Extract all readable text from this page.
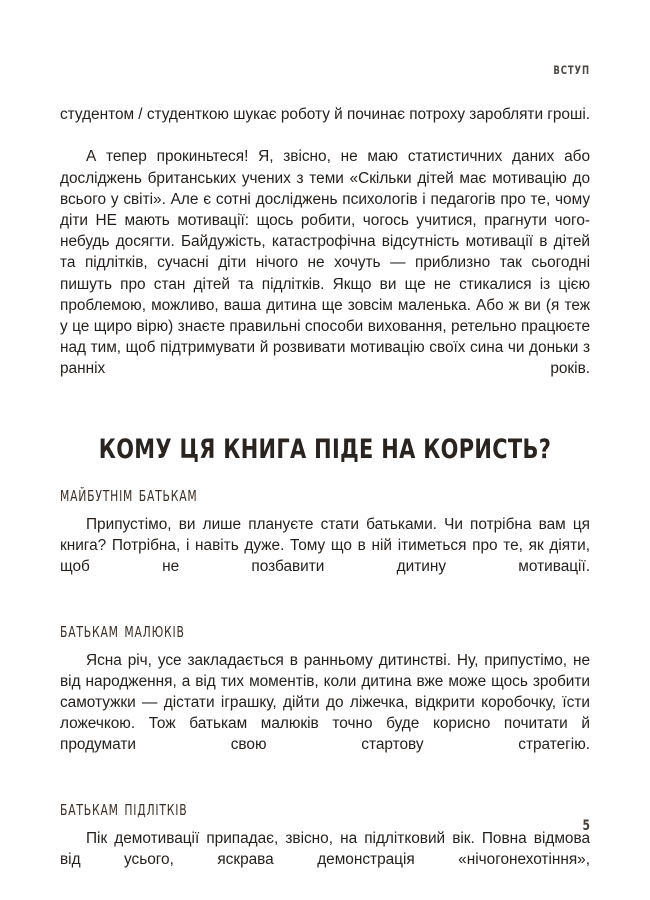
ВСТУП

студентом / студенткою шукає роботу й починає потроху заробляти гроші.

А тепер прокиньтеся! Я, звісно, не маю статистичних даних або досліджень британських учених з теми «Скільки дітей має мотивацію до всього у світі». Але є сотні досліджень психологів і педагогів про те, чому діти НЕ мають мотивації: щось робити, чогось учитися, прагнути чого-небудь досягти. Байдужість, катастрофічна відсутність мотивації в дітей та підлітків, сучасні діти нічого не хочуть — приблизно так сьогодні пишуть про стан дітей та підлітків. Якщо ви ще не стикалися із цією проблемою, можливо, ваша дитина ще зовсім маленька. Або ж ви (я теж у це щиро вірю) знаєте правильні способи виховання, ретельно працюєте над тим, щоб підтримувати й розвивати мотивацію своїх сина чи доньки з ранніх років.

КОМУ ЦЯ КНИГА ПІДЕ НА КОРИСТЬ?
майбутнім батькам

Припустімо, ви лише плануєте стати батьками. Чи потрібна вам ця книга? Потрібна, і навіть дуже. Тому що в ній ітиметься про те, як діяти, щоб не позбавити дитину мотивації.

батькам малюків

Ясна річ, усе закладається в ранньому дитинстві. Ну, припустімо, не від народження, а від тих моментів, коли дитина вже може щось зробити самотужки — дістати іграшку, дійти до ліжечка, відкрити коробочку, їсти ложечкою. Тож батькам малюків точно буде корисно почитати й продумати свою стартову стратегію.

батькам підлітків

Пік демотивації припадає, звісно, на підлітковий вік. Повна відмова від усього, яскрава демонстрація «нічогонехотіння»,

5
